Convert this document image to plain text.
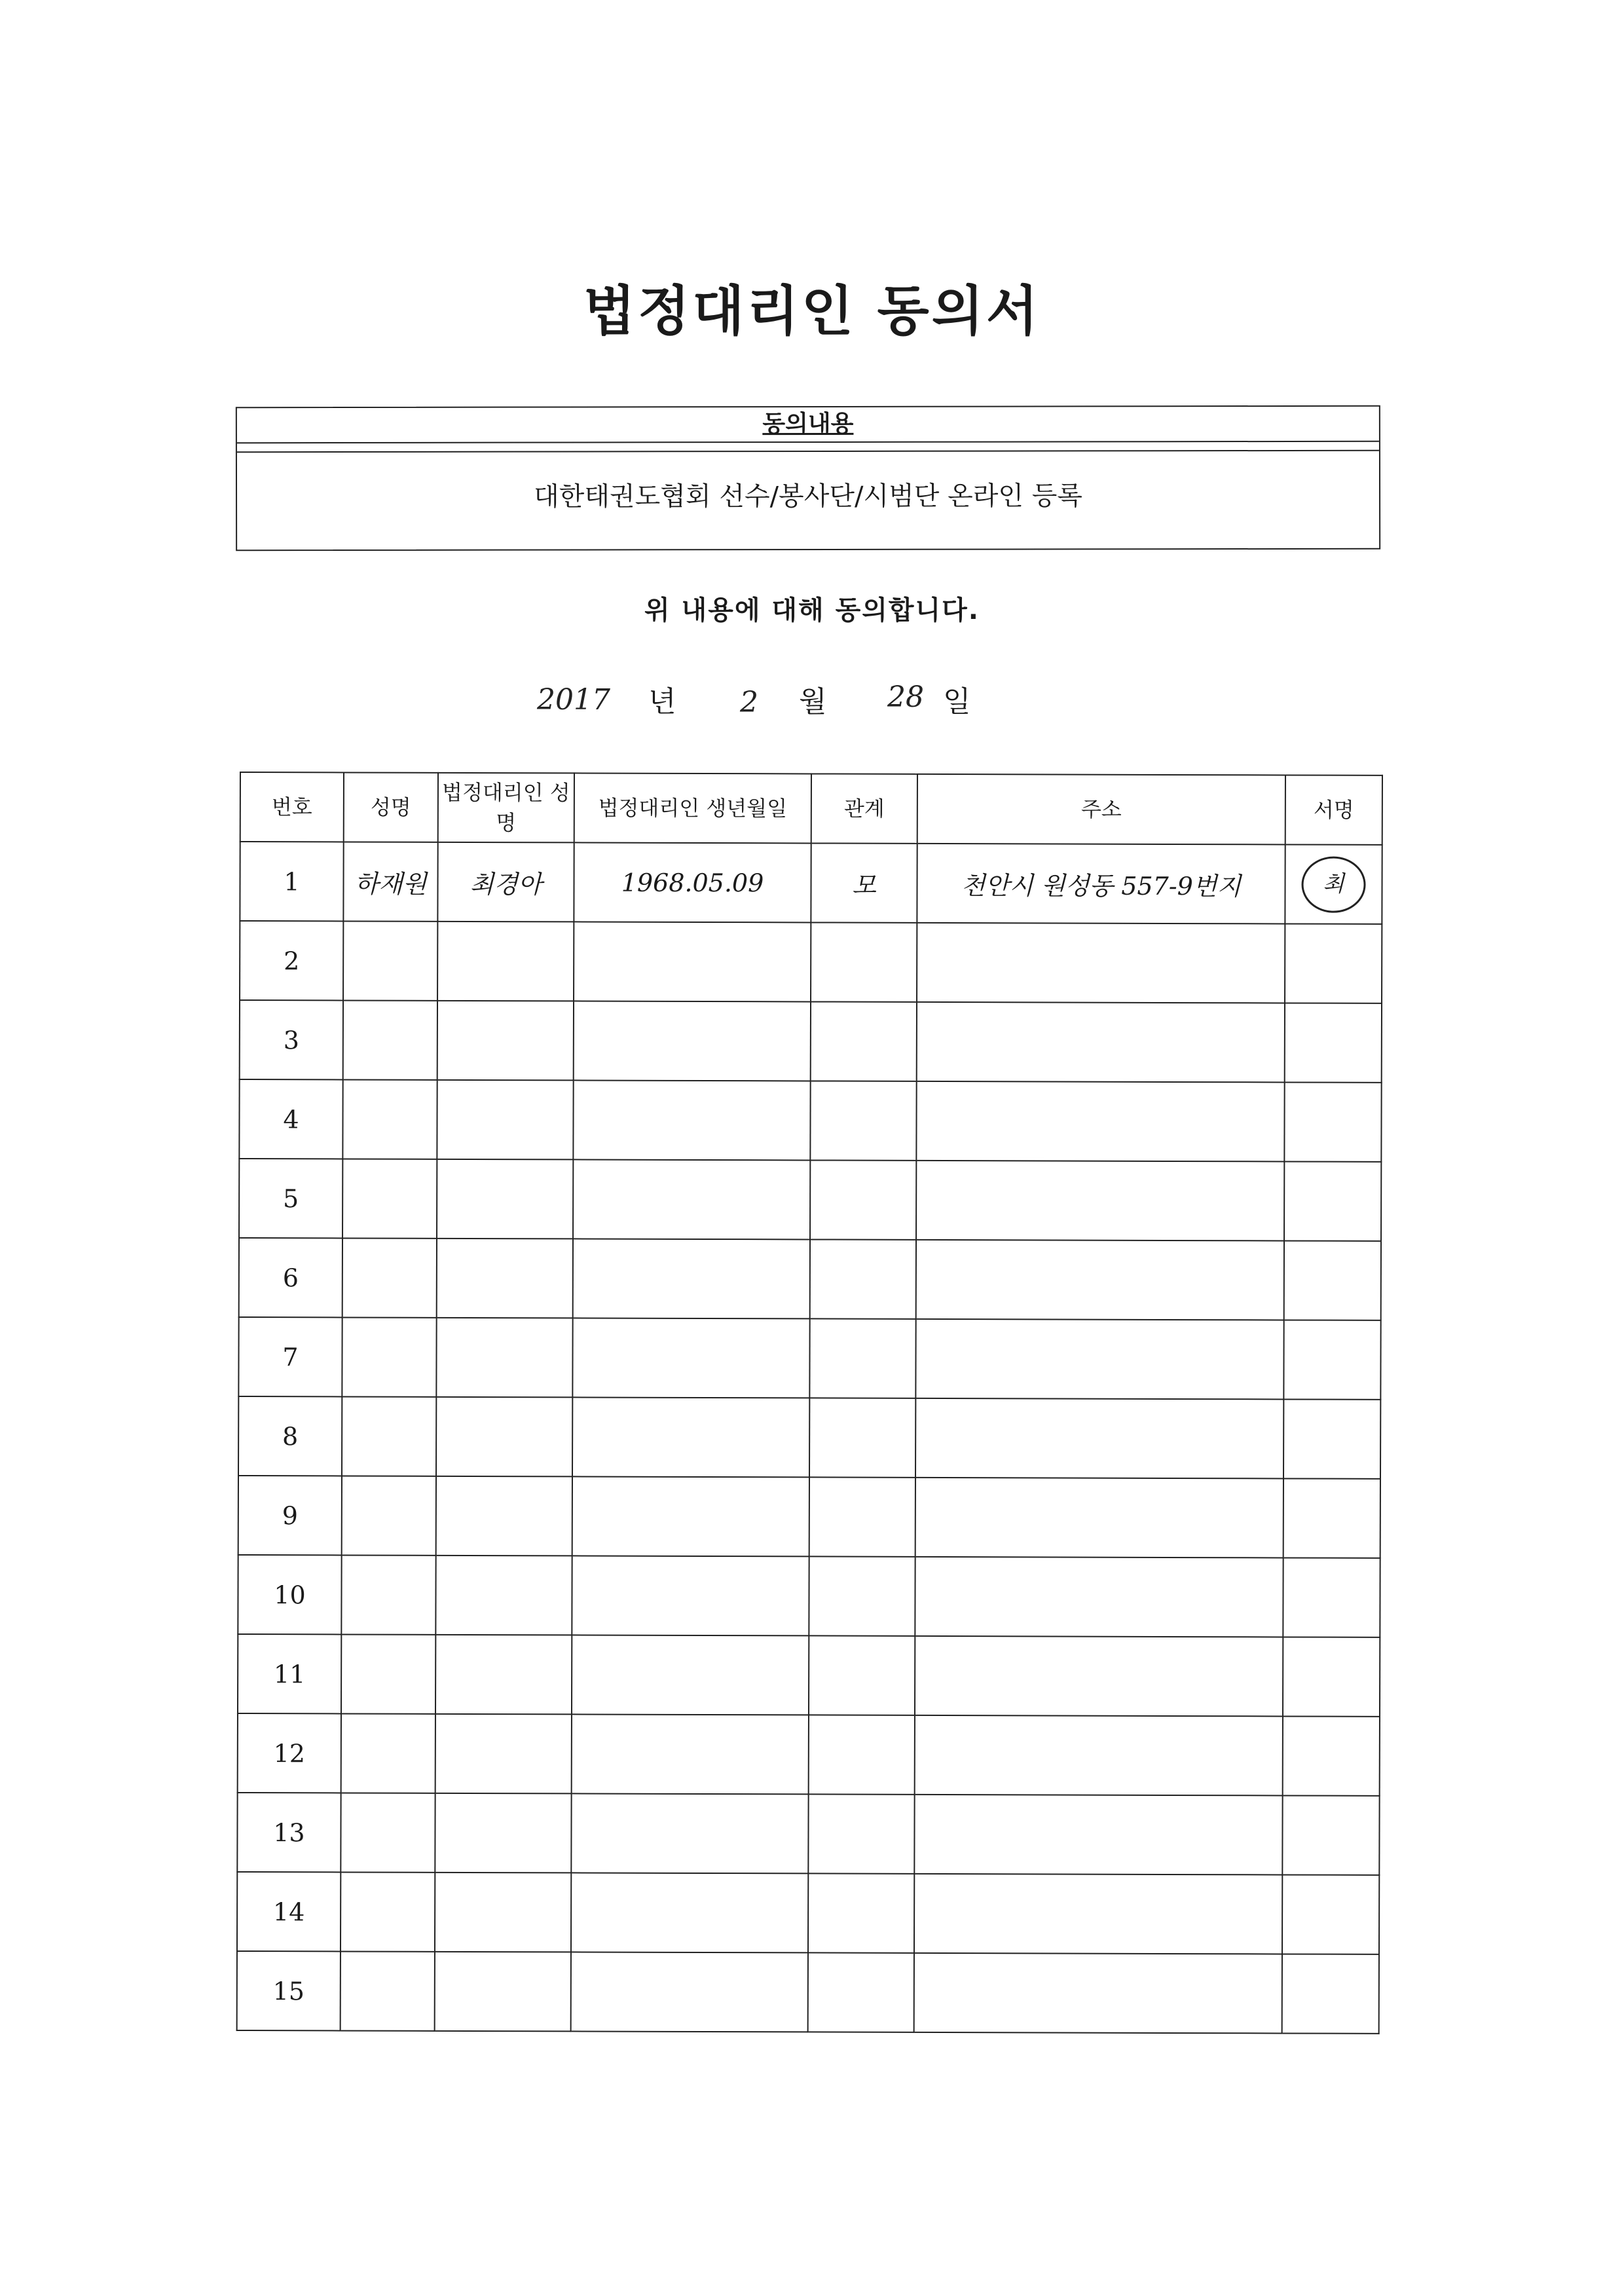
법정대리인 동의서
동의내용
대한태권도협회 선수/봉사단/시범단 온라인 등록
위 내용에 대해 동의합니다.
2017 년 2 월 28 일
번호	성명	법정대리인 성명	법정대리인 생년월일	관계	주소	서명
1	하재원	최경아	1968.05.09	모	천안시 원성동 557-9번지	최
2						
3						
4						
5						
6						
7						
8						
9						
10						
11						
12						
13						
14						
15						
